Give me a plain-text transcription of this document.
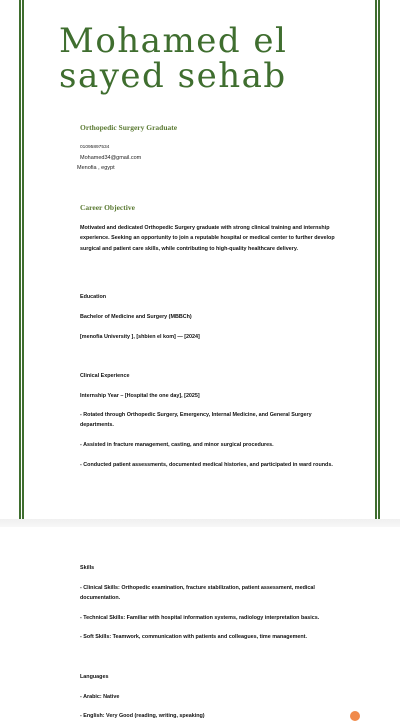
Mohamed el sayed sehab
Orthopedic Surgery Graduate
01095897534
Mohamed34@gmail.com
Menofia , egypt
Career Objective
Motivated and dedicated Orthopedic Surgery graduate with strong clinical training and internship experience. Seeking an opportunity to join a reputable hospital or medical center to further develop surgical and patient care skills, while contributing to high-quality healthcare delivery.
Education
Bachelor of Medicine and Surgery (MBBCh)
[menofia University ], [shbien el kom] — [2024]
Clinical Experience
Internship Year – [Hospital the one day], [2025]
- Rotated through Orthopedic Surgery, Emergency, Internal Medicine, and General Surgery departments.
- Assisted in fracture management, casting, and minor surgical procedures.
- Conducted patient assessments, documented medical histories, and participated in ward rounds.
Skills
- Clinical Skills: Orthopedic examination, fracture stabilization, patient assessment, medical documentation.
- Technical Skills: Familiar with hospital information systems, radiology interpretation basics.
- Soft Skills: Teamwork, communication with patients and colleagues, time management.
Languages
- Arabic: Native
- English: Very Good (reading, writing, speaking)
